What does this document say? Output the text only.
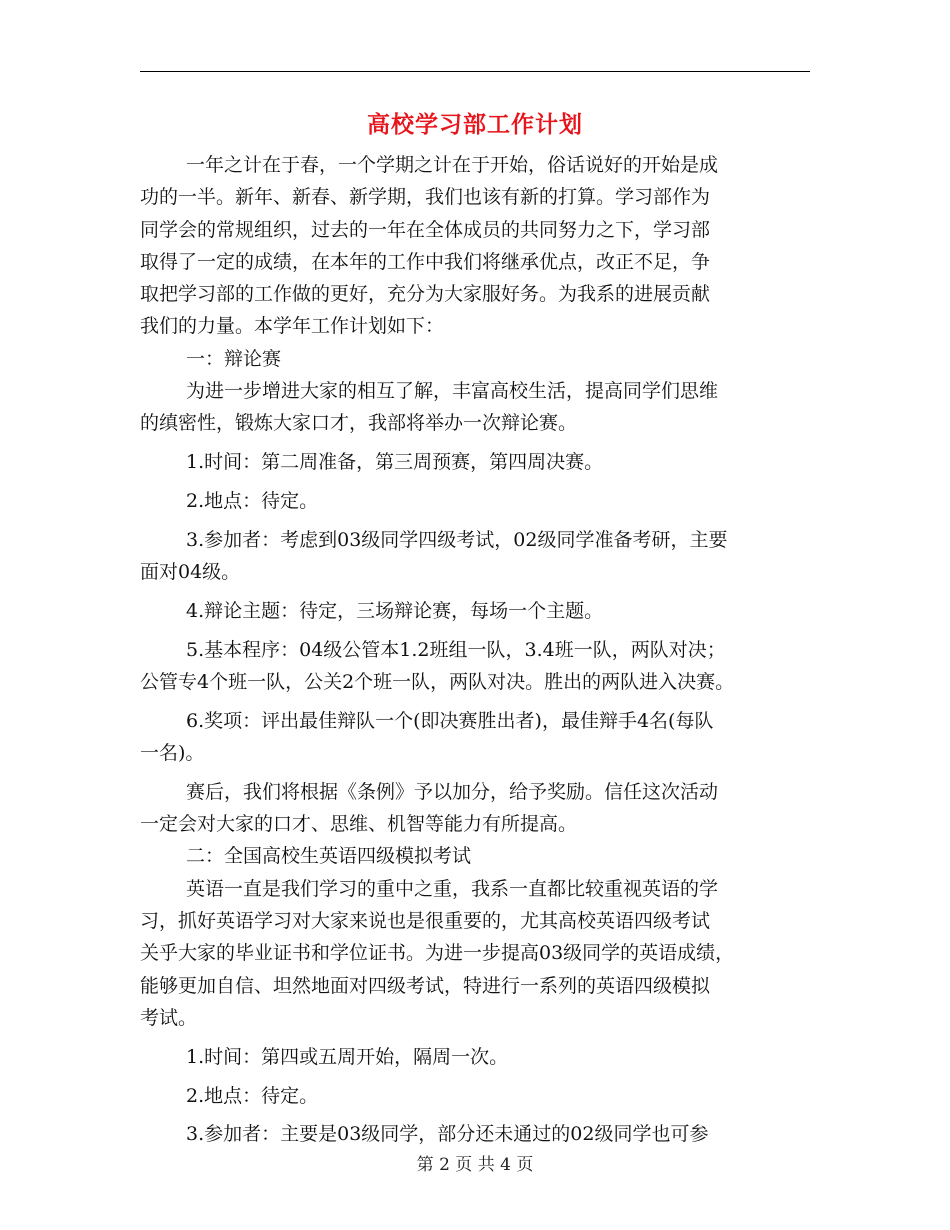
高校学习部工作计划
一年之计在于春，一个学期之计在于开始，俗话说好的开始是成
功的一半。新年、新春、新学期，我们也该有新的打算。学习部作为
同学会的常规组织，过去的一年在全体成员的共同努力之下，学习部
取得了一定的成绩，在本年的工作中我们将继承优点，改正不足，争
取把学习部的工作做的更好，充分为大家服好务。为我系的进展贡献
我们的力量。本学年工作计划如下：
一：辩论赛
为进一步增进大家的相互了解，丰富高校生活，提高同学们思维
的缜密性，锻炼大家口才，我部将举办一次辩论赛。
1.时间：第二周准备，第三周预赛，第四周决赛。
2.地点：待定。
3.参加者：考虑到03级同学四级考试，02级同学准备考研，主要
面对04级。
4.辩论主题：待定，三场辩论赛，每场一个主题。
5.基本程序：04级公管本1.2班组一队，3.4班一队，两队对决；
公管专4个班一队，公关2个班一队，两队对决。胜出的两队进入决赛。
6.奖项：评出最佳辩队一个(即决赛胜出者)，最佳辩手4名(每队
一名)。
赛后，我们将根据《条例》予以加分，给予奖励。信任这次活动
一定会对大家的口才、思维、机智等能力有所提高。
二：全国高校生英语四级模拟考试
英语一直是我们学习的重中之重，我系一直都比较重视英语的学
习，抓好英语学习对大家来说也是很重要的，尤其高校英语四级考试
关乎大家的毕业证书和学位证书。为进一步提高03级同学的英语成绩，
能够更加自信、坦然地面对四级考试，特进行一系列的英语四级模拟
考试。
1.时间：第四或五周开始，隔周一次。
2.地点：待定。
3.参加者：主要是03级同学，部分还未通过的02级同学也可参
第 2 页 共 4 页
